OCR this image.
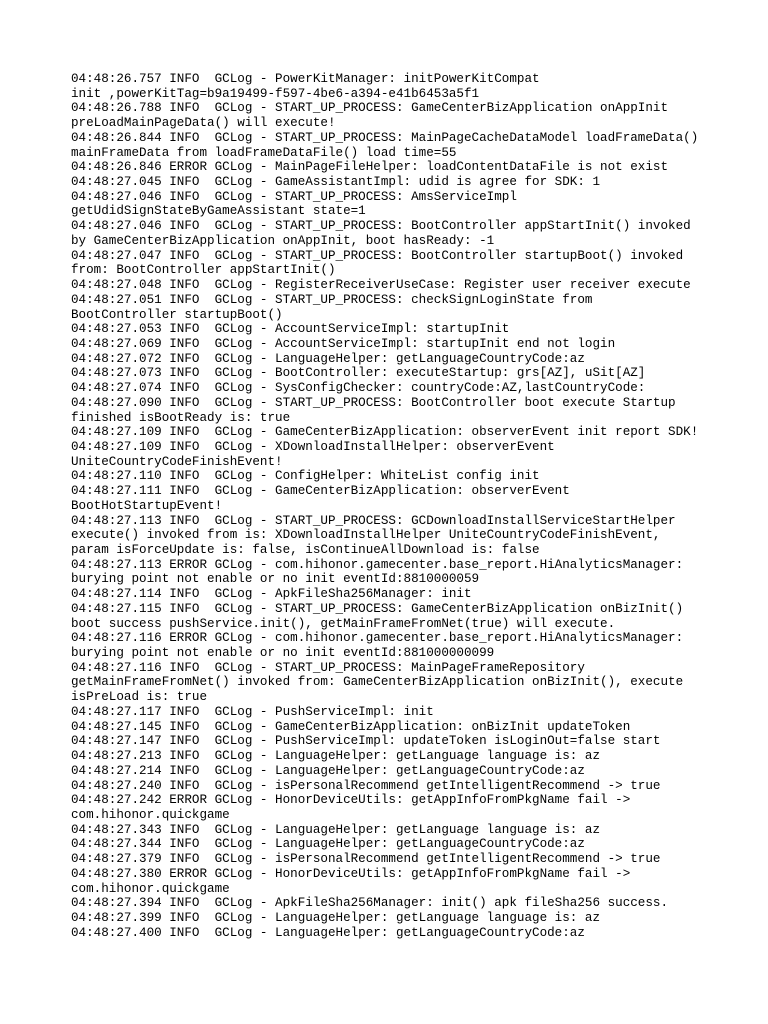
04:48:26.757 INFO  GCLog - PowerKitManager: initPowerKitCompat
init ,powerKitTag=b9a19499-f597-4be6-a394-e41b6453a5f1
04:48:26.788 INFO  GCLog - START_UP_PROCESS: GameCenterBizApplication onAppInit
preLoadMainPageData() will execute!
04:48:26.844 INFO  GCLog - START_UP_PROCESS: MainPageCacheDataModel loadFrameData()
mainFrameData from loadFrameDataFile() load time=55
04:48:26.846 ERROR GCLog - MainPageFileHelper: loadContentDataFile is not exist
04:48:27.045 INFO  GCLog - GameAssistantImpl: udid is agree for SDK: 1
04:48:27.046 INFO  GCLog - START_UP_PROCESS: AmsServiceImpl
getUdidSignStateByGameAssistant state=1
04:48:27.046 INFO  GCLog - START_UP_PROCESS: BootController appStartInit() invoked
by GameCenterBizApplication onAppInit, boot hasReady: -1
04:48:27.047 INFO  GCLog - START_UP_PROCESS: BootController startupBoot() invoked
from: BootController appStartInit()
04:48:27.048 INFO  GCLog - RegisterReceiverUseCase: Register user receiver execute
04:48:27.051 INFO  GCLog - START_UP_PROCESS: checkSignLoginState from
BootController startupBoot()
04:48:27.053 INFO  GCLog - AccountServiceImpl: startupInit
04:48:27.069 INFO  GCLog - AccountServiceImpl: startupInit end not login
04:48:27.072 INFO  GCLog - LanguageHelper: getLanguageCountryCode:az
04:48:27.073 INFO  GCLog - BootController: executeStartup: grs[AZ], uSit[AZ]
04:48:27.074 INFO  GCLog - SysConfigChecker: countryCode:AZ,lastCountryCode:
04:48:27.090 INFO  GCLog - START_UP_PROCESS: BootController boot execute Startup
finished isBootReady is: true
04:48:27.109 INFO  GCLog - GameCenterBizApplication: observerEvent init report SDK!
04:48:27.109 INFO  GCLog - XDownloadInstallHelper: observerEvent
UniteCountryCodeFinishEvent!
04:48:27.110 INFO  GCLog - ConfigHelper: WhiteList config init
04:48:27.111 INFO  GCLog - GameCenterBizApplication: observerEvent
BootHotStartupEvent!
04:48:27.113 INFO  GCLog - START_UP_PROCESS: GCDownloadInstallServiceStartHelper
execute() invoked from is: XDownloadInstallHelper UniteCountryCodeFinishEvent,
param isForceUpdate is: false, isContinueAllDownload is: false
04:48:27.113 ERROR GCLog - com.hihonor.gamecenter.base_report.HiAnalyticsManager:
burying point not enable or no init eventId:8810000059
04:48:27.114 INFO  GCLog - ApkFileSha256Manager: init
04:48:27.115 INFO  GCLog - START_UP_PROCESS: GameCenterBizApplication onBizInit()
boot success pushService.init(), getMainFrameFromNet(true) will execute.
04:48:27.116 ERROR GCLog - com.hihonor.gamecenter.base_report.HiAnalyticsManager:
burying point not enable or no init eventId:881000000099
04:48:27.116 INFO  GCLog - START_UP_PROCESS: MainPageFrameRepository
getMainFrameFromNet() invoked from: GameCenterBizApplication onBizInit(), execute
isPreLoad is: true
04:48:27.117 INFO  GCLog - PushServiceImpl: init
04:48:27.145 INFO  GCLog - GameCenterBizApplication: onBizInit updateToken
04:48:27.147 INFO  GCLog - PushServiceImpl: updateToken isLoginOut=false start
04:48:27.213 INFO  GCLog - LanguageHelper: getLanguage language is: az
04:48:27.214 INFO  GCLog - LanguageHelper: getLanguageCountryCode:az
04:48:27.240 INFO  GCLog - isPersonalRecommend getIntelligentRecommend -> true
04:48:27.242 ERROR GCLog - HonorDeviceUtils: getAppInfoFromPkgName fail ->
com.hihonor.quickgame
04:48:27.343 INFO  GCLog - LanguageHelper: getLanguage language is: az
04:48:27.344 INFO  GCLog - LanguageHelper: getLanguageCountryCode:az
04:48:27.379 INFO  GCLog - isPersonalRecommend getIntelligentRecommend -> true
04:48:27.380 ERROR GCLog - HonorDeviceUtils: getAppInfoFromPkgName fail ->
com.hihonor.quickgame
04:48:27.394 INFO  GCLog - ApkFileSha256Manager: init() apk fileSha256 success.
04:48:27.399 INFO  GCLog - LanguageHelper: getLanguage language is: az
04:48:27.400 INFO  GCLog - LanguageHelper: getLanguageCountryCode:az
